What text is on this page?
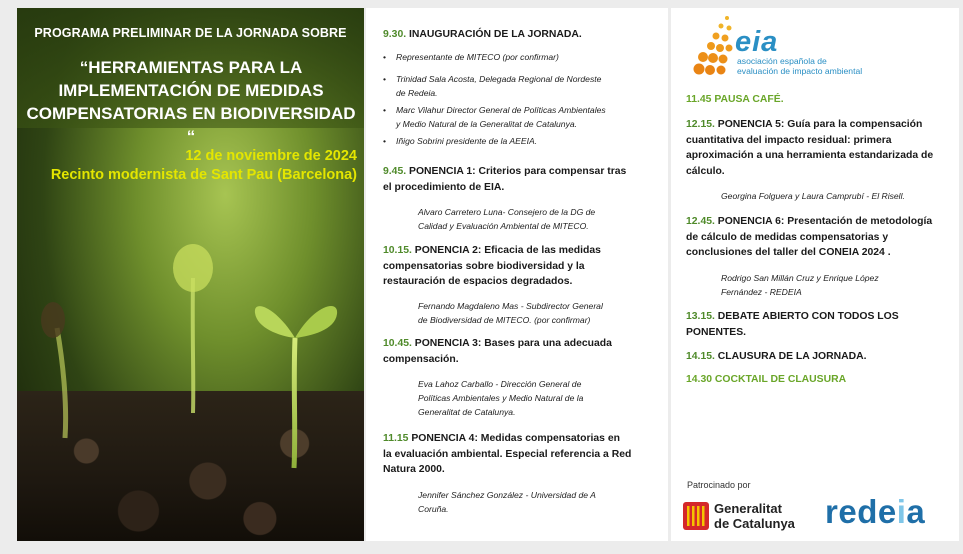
PROGRAMA PRELIMINAR DE LA JORNADA SOBRE
“HERRAMIENTAS PARA LA
IMPLEMENTACIÓN DE MEDIDAS
COMPENSATORIAS EN BIODIVERSIDAD “
12 de noviembre de 2024
Recinto modernista de Sant Pau (Barcelona)
9.30. INAUGURACIÓN DE LA JORNADA.
• Representante de MITECO (por confirmar)
• Trinidad Sala Acosta, Delegada Regional de Nordeste
de Redeia.
• Marc Vilahur Director General de Políticas Ambientales
y Medio Natural de la Generalitat de Catalunya.
• Iñigo Sobrini presidente de la AEEIA.
9.45. PONENCIA 1: Criterios para compensar tras
el procedimiento de EIA.
Alvaro Carretero Luna- Consejero de la DG de
Calidad y Evaluación Ambiental de MITECO.
10.15. PONENCIA 2: Eficacia de las medidas
compensatorias sobre biodiversidad y la
restauración de espacios degradados.
Fernando Magdaleno Mas - Subdirector General
de Biodiversidad de MITECO. (por confirmar)
10.45. PONENCIA 3: Bases para una adecuada
compensación.
Eva Lahoz Carballo - Dirección General de
Políticas Ambientales y Medio Natural de la
Generalitat de Catalunya.
11.15 PONENCIA 4: Medidas compensatorias en
la evaluación ambiental. Especial referencia a Red
Natura 2000.
Jennifer Sánchez González - Universidad de A
Coruña.
eia
asociación española de
evaluación de impacto ambiental
11.45 PAUSA CAFÉ.
12.15. PONENCIA 5: Guía para la compensación
cuantitativa del impacto residual: primera
aproximación a una herramienta estandarizada de
cálculo.
Georgina Folguera y Laura Camprubí - El Risell.
12.45. PONENCIA 6: Presentación de metodología
de cálculo de medidas compensatorias y
conclusiones del taller del CONEIA 2024 .
Rodrigo San Millán Cruz y Enrique López
Fernández - REDEIA
13.15. DEBATE ABIERTO CON TODOS LOS
PONENTES.
14.15. CLAUSURA DE LA JORNADA.
14.30 COCKTAIL DE CLAUSURA
Patrocinado por
Generalitat
de Catalunya redeia
